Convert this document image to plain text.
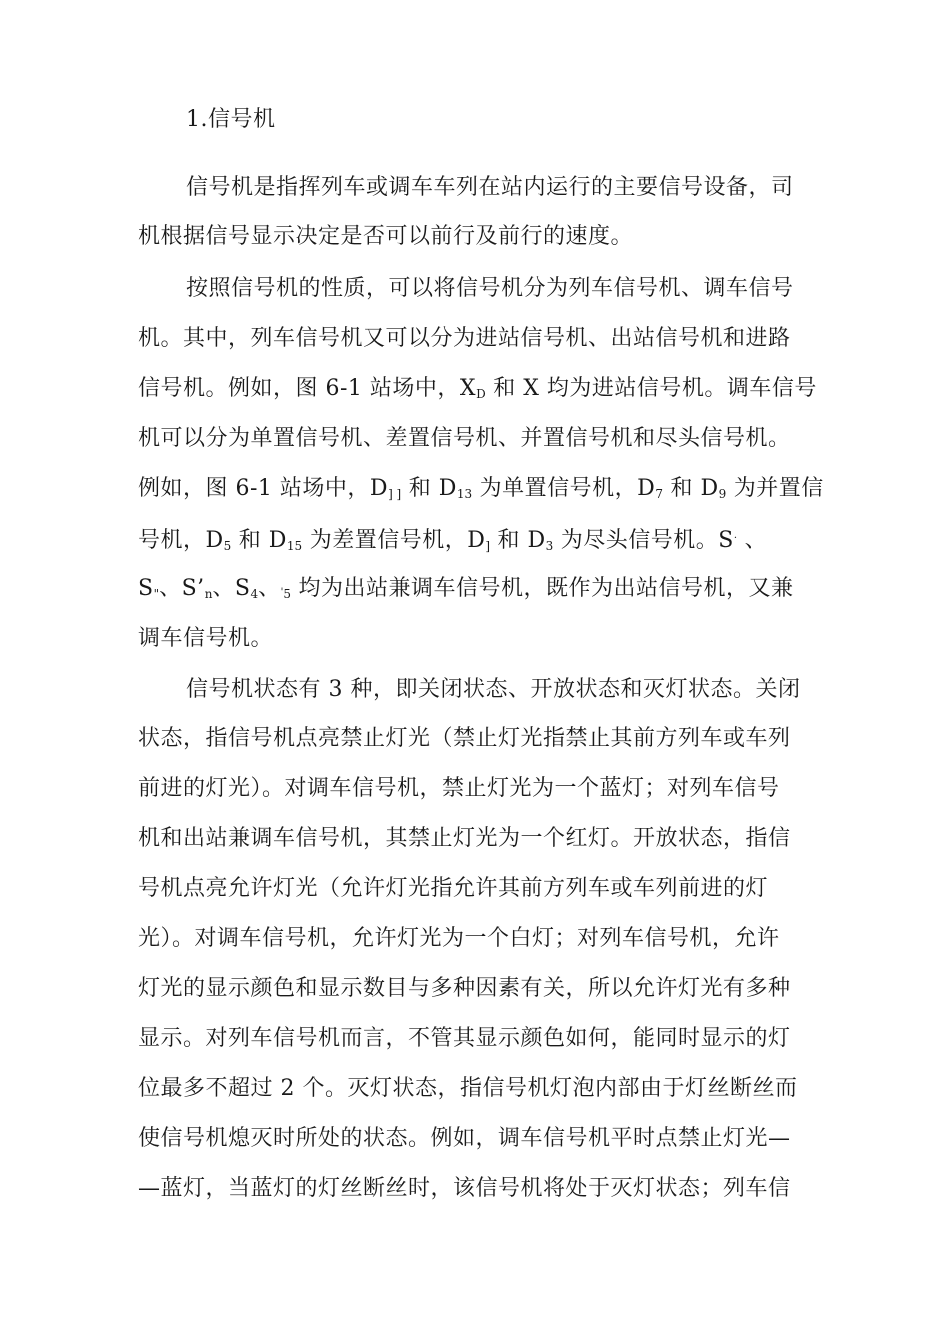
1.信号机
信号机是指挥列车或调车车列在站内运行的主要信号设备，司
机根据信号显示决定是否可以前行及前行的速度。
按照信号机的性质，可以将信号机分为列车信号机、调车信号
机。其中，列车信号机又可以分为进站信号机、出站信号机和进路
信号机。例如，图 6-1 站场中，$X_D$ 和 X 均为进站信号机。调车信号
机可以分为单置信号机、差置信号机、并置信号机和尽头信号机。
例如，图 6-1 站场中，$D_{] ]}$ 和 $D_{13}$ 为单置信号机，$D_7$ 和 $D_9$ 为并置信
号机，$D_5$ 和 $D_{15}$ 为差置信号机，$D_]$ 和 $D_3$ 为尽头信号机。S· 、
$S_"$、$S’_n$、$S_4$、'$_5$ 均为出站兼调车信号机，既作为出站信号机，又兼
调车信号机。
信号机状态有 3 种，即关闭状态、开放状态和灭灯状态。关闭
状态，指信号机点亮禁止灯光（禁止灯光指禁止其前方列车或车列
前进的灯光）。对调车信号机，禁止灯光为一个蓝灯；对列车信号
机和出站兼调车信号机，其禁止灯光为一个红灯。开放状态，指信
号机点亮允许灯光（允许灯光指允许其前方列车或车列前进的灯
光）。对调车信号机，允许灯光为一个白灯；对列车信号机，允许
灯光的显示颜色和显示数目与多种因素有关，所以允许灯光有多种
显示。对列车信号机而言，不管其显示颜色如何，能同时显示的灯
位最多不超过 2 个。灭灯状态，指信号机灯泡内部由于灯丝断丝而
使信号机熄灭时所处的状态。例如，调车信号机平时点禁止灯光—
—蓝灯，当蓝灯的灯丝断丝时，该信号机将处于灭灯状态；列车信
